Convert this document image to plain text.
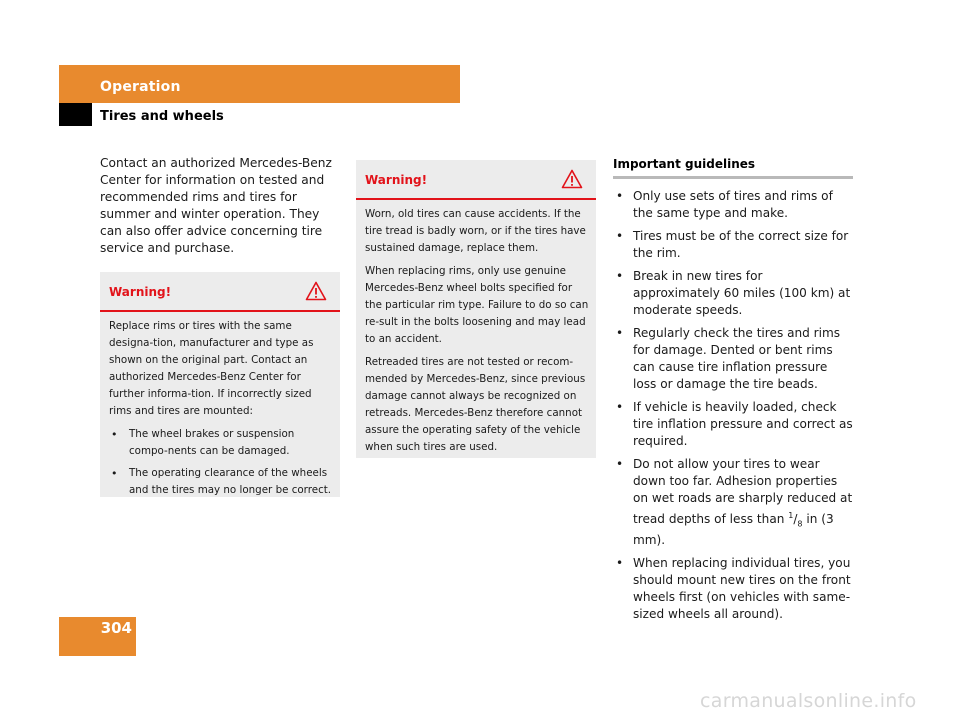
Operation
Tires and wheels

Contact an authorized Mercedes-Benz Center for information on tested and recommended rims and tires for summer and winter operation. They can also offer advice concerning tire service and purchase.

Warning!

Replace rims or tires with the same designa-tion, manufacturer and type as shown on the original part. Contact an authorized Mercedes-Benz Center for further informa-tion. If incorrectly sized rims and tires are mounted:

• The wheel brakes or suspension compo-nents can be damaged.
• The operating clearance of the wheels and the tires may no longer be correct.
Warning!

Worn, old tires can cause accidents. If the tire tread is badly worn, or if the tires have sustained damage, replace them.

When replacing rims, only use genuine Mercedes-Benz wheel bolts specified for the particular rim type. Failure to do so can re-sult in the bolts loosening and may lead to an accident.

Retreaded tires are not tested or recom-mended by Mercedes-Benz, since previous damage cannot always be recognized on retreads. Mercedes-Benz therefore cannot assure the operating safety of the vehicle when such tires are used.

Important guidelines
• Only use sets of tires and rims of the same type and make.
• Tires must be of the correct size for the rim.
• Break in new tires for approximately 60 miles (100 km) at moderate speeds.
• Regularly check the tires and rims for damage. Dented or bent rims can cause tire inflation pressure loss or damage the tire beads.
• If vehicle is heavily loaded, check tire inflation pressure and correct as required.
• Do not allow your tires to wear down too far. Adhesion properties on wet roads are sharply reduced at tread depths of less than $^1/_8$ in (3 mm).
• When replacing individual tires, you should mount new tires on the front wheels first (on vehicles with same-sized wheels all around).
304
carmanualsonline.info
